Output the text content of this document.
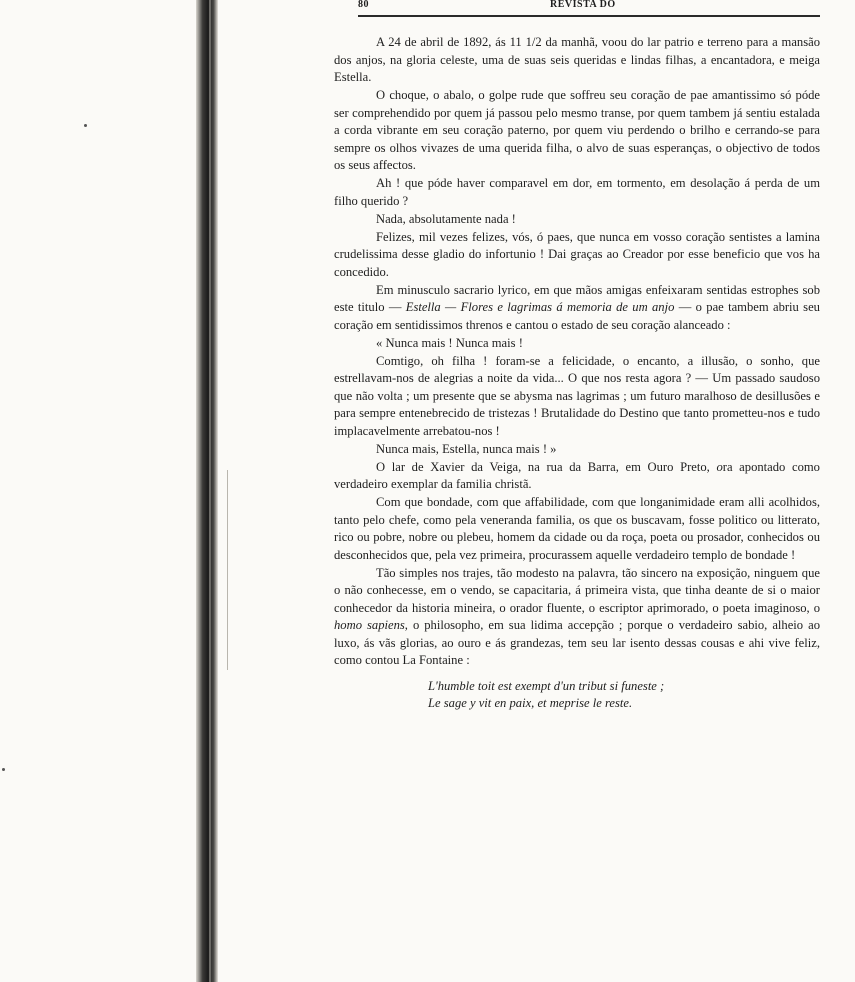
80	REVISTA DO

A 24 de abril de 1892, ás 11 1/2 da manhã, voou do lar patrio e terreno para a mansão dos anjos, na gloria celeste, uma de suas seis queridas e lindas filhas, a encantadora, e meiga Estella.

O choque, o abalo, o golpe rude que soffreu seu coração de pae amantissimo só póde ser comprehendido por quem já passou pelo mesmo transe, por quem tambem já sentiu estalada a corda vibrante em seu coração paterno, por quem viu perdendo o brilho e cerrando-se para sempre os olhos vivazes de uma querida filha, o alvo de suas esperanças, o objectivo de todos os seus affectos.

Ah ! que póde haver comparavel em dor, em tormento, em desolação á perda de um filho querido ?

Nada, absolutamente nada !

Felizes, mil vezes felizes, vós, ó paes, que nunca em vosso coração sentistes a lamina crudelissima desse gladio do infortunio ! Dai graças ao Creador por esse beneficio que vos ha concedido.

Em minusculo sacrario lyrico, em que mãos amigas enfeixaram sentidas estrophes sob este titulo — Estella — Flores e lagrimas á memoria de um anjo — o pae tambem abriu seu coração em sentidissimos threnos e cantou o estado de seu coração alanceado :

« Nunca mais ! Nunca mais !

Comtigo, oh filha ! foram-se a felicidade, o encanto, a illusão, o sonho, que estrellavam-nos de alegrias a noite da vida... O que nos resta agora ? — Um passado saudoso que não volta ; um presente que se abysma nas lagrimas ; um futuro maralhoso de desillusões e para sempre entenebrecido de tristezas ! Brutalidade do Destino que tanto prometteu-nos e tudo implacavelmente arrebatou-nos !

Nunca mais, Estella, nunca mais ! »

O lar de Xavier da Veiga, na rua da Barra, em Ouro Preto, ora apontado como verdadeiro exemplar da familia christã.

Com que bondade, com que affabilidade, com que longanimidade eram alli acolhidos, tanto pelo chefe, como pela veneranda familia, os que os buscavam, fosse politico ou litterato, rico ou pobre, nobre ou plebeu, homem da cidade ou da roça, poeta ou prosador, conhecidos ou desconhecidos que, pela vez primeira, procurassem aquelle verdadeiro templo de bondade !

Tão simples nos trajes, tão modesto na palavra, tão sincero na exposição, ninguem que o não conhecesse, em o vendo, se capacitaria, á primeira vista, que tinha deante de si o maior conhecedor da historia mineira, o orador fluente, o escriptor aprimorado, o poeta imaginoso, o homo sapiens, o philosopho, em sua lidima accepção ; porque o verdadeiro sabio, alheio ao luxo, ás vãs glorias, ao ouro e ás grandezas, tem seu lar isento dessas cousas e ahi vive feliz, como contou La Fontaine :

L'humble toit est exempt d'un tribut si funeste ;
Le sage y vit en paix, et meprise le reste.
